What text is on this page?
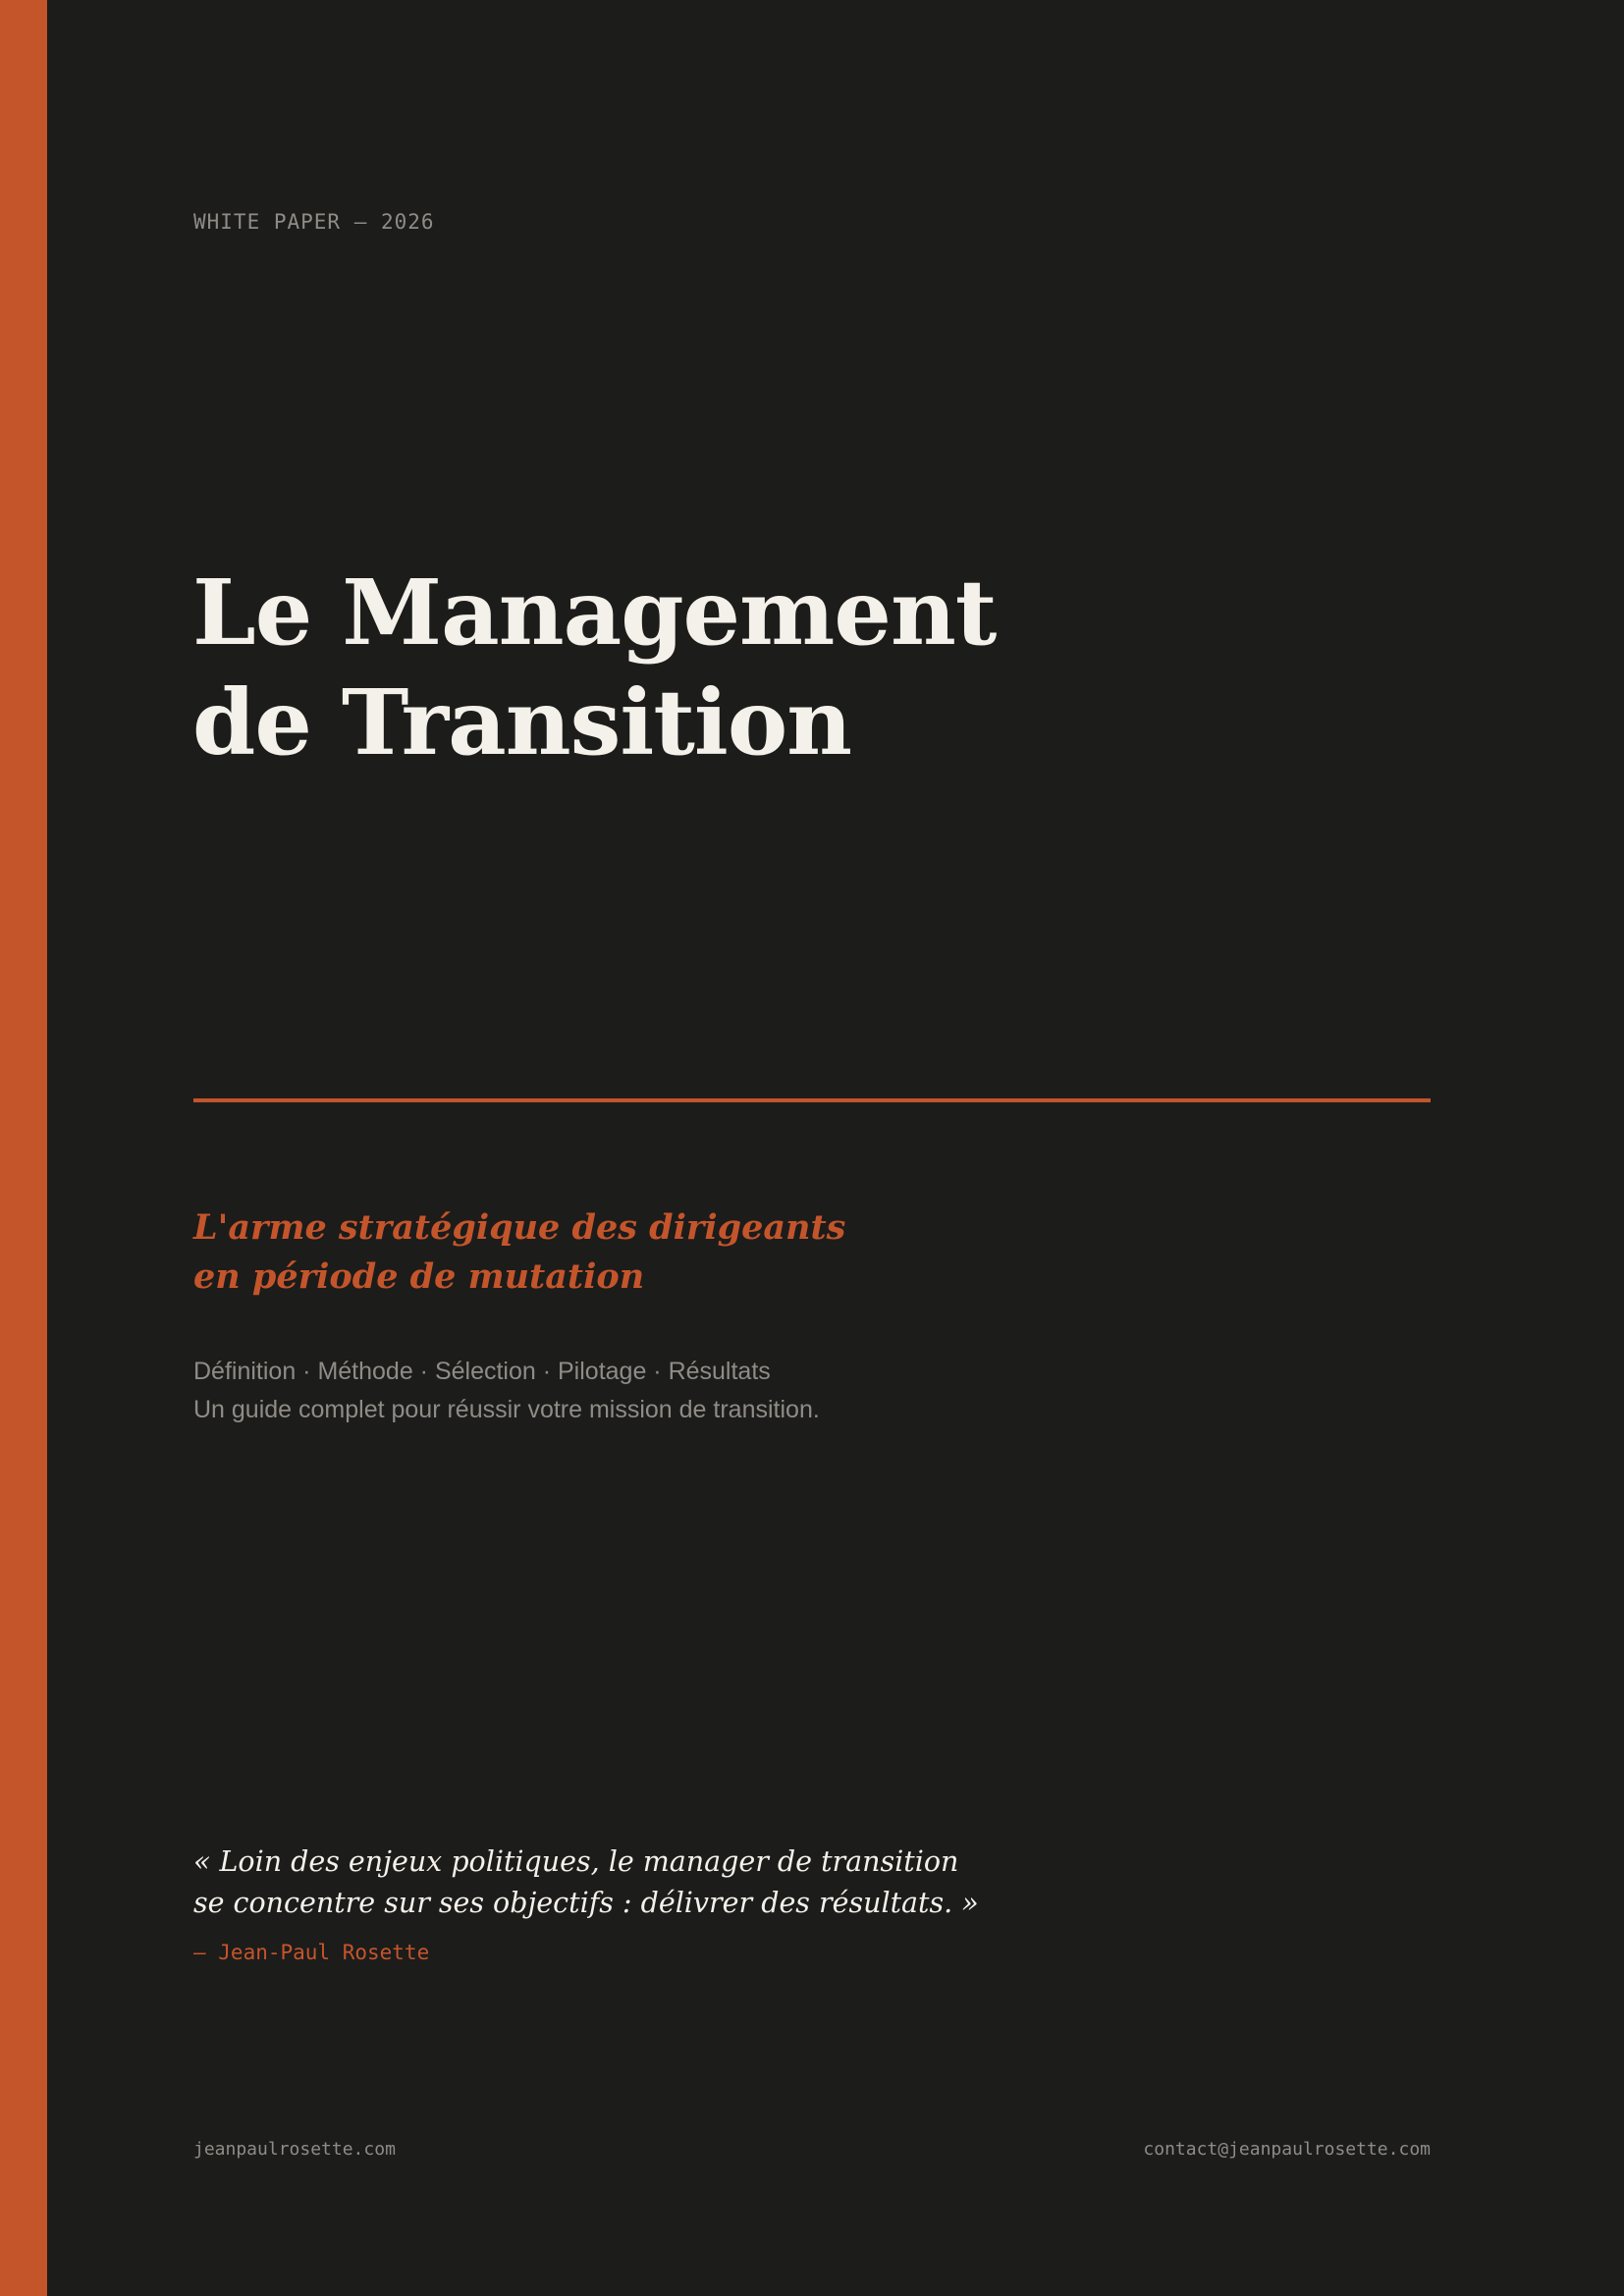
WHITE PAPER — 2026
Le Management
de Transition
L'arme stratégique des dirigeants
en période de mutation
Définition · Méthode · Sélection · Pilotage · Résultats
Un guide complet pour réussir votre mission de transition.
« Loin des enjeux politiques, le manager de transition
se concentre sur ses objectifs : délivrer des résultats. »
— Jean-Paul Rosette
jeanpaulrosette.com	contact@jeanpaulrosette.com
